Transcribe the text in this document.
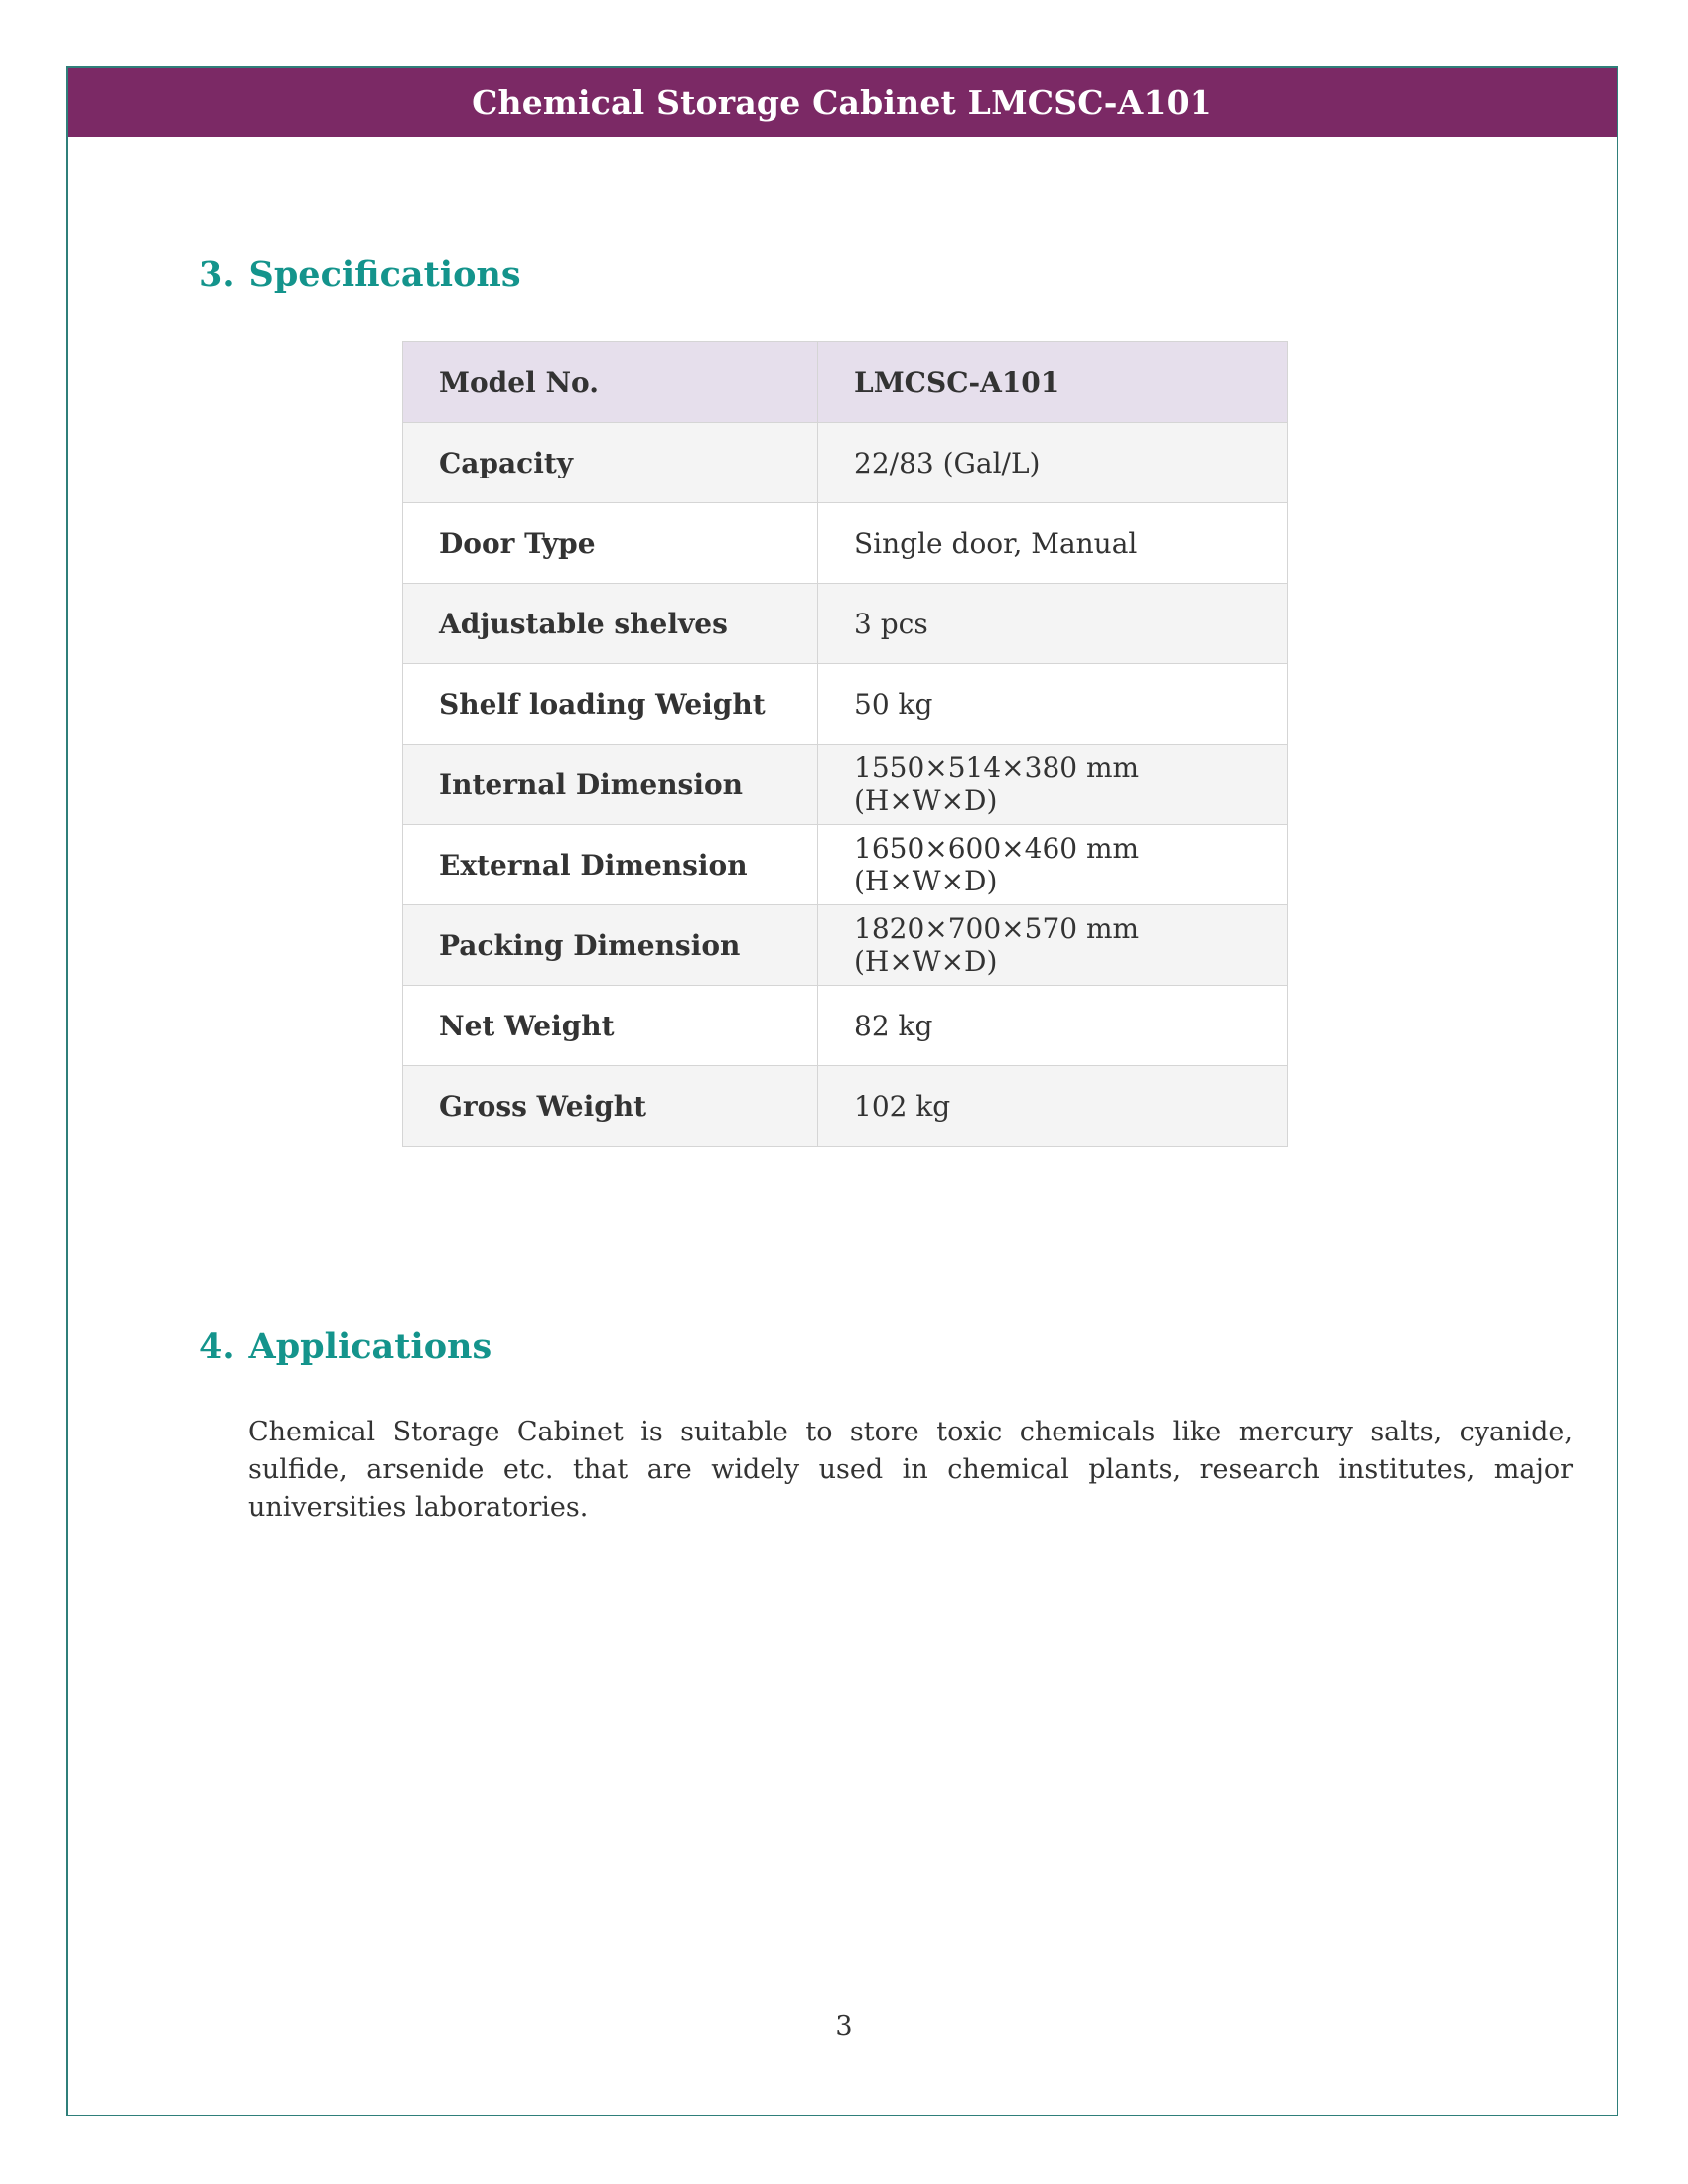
Chemical Storage Cabinet LMCSC-A101
3. Specifications
Model No.	LMCSC-A101
Capacity	22/83 (Gal/L)
Door Type	Single door, Manual
Adjustable shelves	3 pcs
Shelf loading Weight	50 kg
Internal Dimension	1550×514×380 mm (H×W×D)
External Dimension	1650×600×460 mm (H×W×D)
Packing Dimension	1820×700×570 mm (H×W×D)
Net Weight	82 kg
Gross Weight	102 kg
4. Applications

Chemical Storage Cabinet is suitable to store toxic chemicals like mercury salts, cyanide, sulfide, arsenide etc. that are widely used in chemical plants, research institutes, major universities laboratories.

3
